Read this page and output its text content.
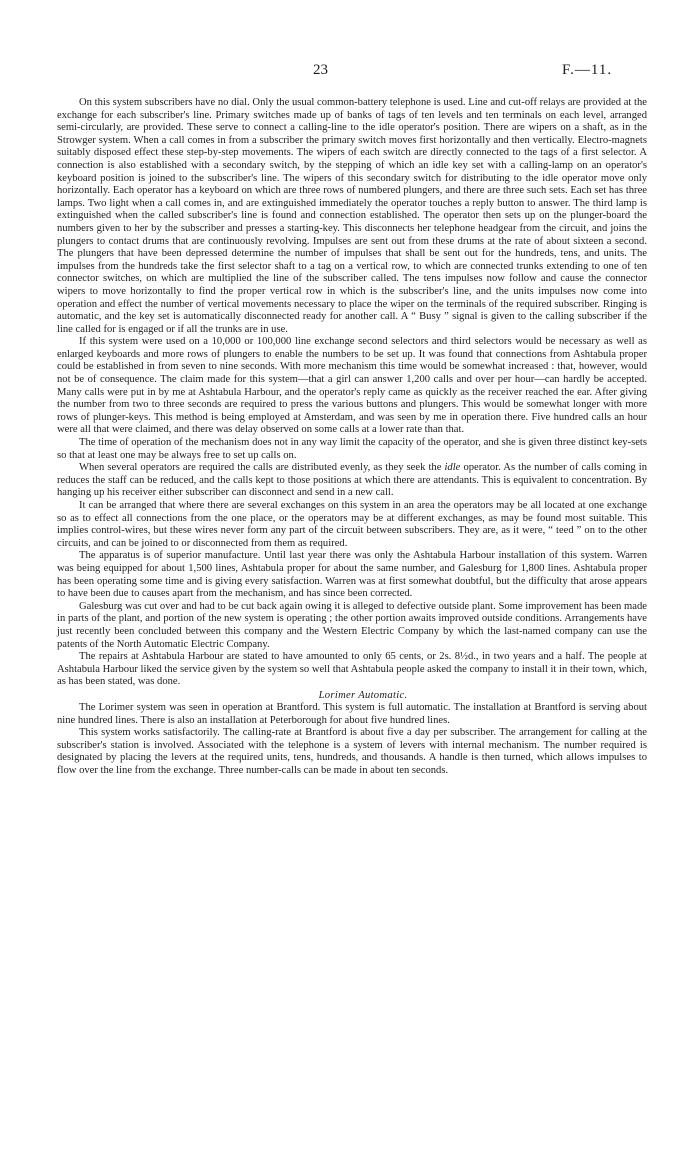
23	F.—11.

On this system subscribers have no dial. Only the usual common-battery telephone is used. Line and cut-off relays are provided at the exchange for each subscriber's line. Primary switches made up of banks of tags of ten levels and ten terminals on each level, arranged semi-circularly, are provided. These serve to connect a calling-line to the idle operator's position. There are wipers on a shaft, as in the Strowger system. When a call comes in from a subscriber the primary switch moves first horizontally and then vertically. Electro-magnets suitably disposed effect these step-by-step movements. The wipers of each switch are directly connected to the tags of a first selector. A connection is also established with a secondary switch, by the stepping of which an idle key set with a calling-lamp on an operator's keyboard position is joined to the subscriber's line. The wipers of this secondary switch for distributing to the idle operator move only horizontally. Each operator has a keyboard on which are three rows of numbered plungers, and there are three such sets. Each set has three lamps. Two light when a call comes in, and are extinguished immediately the operator touches a reply button to answer. The third lamp is extinguished when the called subscriber's line is found and connection established. The operator then sets up on the plunger-board the numbers given to her by the subscriber and presses a starting-key. This disconnects her telephone headgear from the circuit, and joins the plungers to contact drums that are continuously revolving. Impulses are sent out from these drums at the rate of about sixteen a second. The plungers that have been depressed determine the number of impulses that shall be sent out for the hundreds, tens, and units. The impulses from the hundreds take the first selector shaft to a tag on a vertical row, to which are connected trunks extending to one of ten connector switches, on which are multiplied the line of the subscriber called. The tens impulses now follow and cause the connector wipers to move horizontally to find the proper vertical row in which is the subscriber's line, and the units impulses now come into operation and effect the number of vertical movements necessary to place the wiper on the terminals of the required subscriber. Ringing is automatic, and the key set is automatically disconnected ready for another call. A “ Busy ” signal is given to the calling subscriber if the line called for is engaged or if all the trunks are in use.

If this system were used on a 10,000 or 100,000 line exchange second selectors and third selectors would be necessary as well as enlarged keyboards and more rows of plungers to enable the numbers to be set up. It was found that connections from Ashtabula proper could be established in from seven to nine seconds. With more mechanism this time would be somewhat increased : that, however, would not be of consequence. The claim made for this system—that a girl can answer 1,200 calls and over per hour—can hardly be accepted. Many calls were put in by me at Ashtabula Harbour, and the operator's reply came as quickly as the receiver reached the ear. After giving the number from two to three seconds are required to press the various buttons and plungers. This would be somewhat longer with more rows of plunger-keys. This method is being employed at Amsterdam, and was seen by me in operation there. Five hundred calls an hour were all that were claimed, and there was delay observed on some calls at a lower rate than that.

The time of operation of the mechanism does not in any way limit the capacity of the operator, and she is given three distinct key-sets so that at least one may be always free to set up calls on.

When several operators are required the calls are distributed evenly, as they seek the idle operator. As the number of calls coming in reduces the staff can be reduced, and the calls kept to those positions at which there are attendants. This is equivalent to concentration. By hanging up his receiver either subscriber can disconnect and send in a new call.

It can be arranged that where there are several exchanges on this system in an area the operators may be all located at one exchange so as to effect all connections from the one place, or the operators may be at different exchanges, as may be found most suitable. This implies control-wires, but these wires never form any part of the circuit between subscribers. They are, as it were, “ teed ” on to the other circuits, and can be joined to or disconnected from them as required.

The apparatus is of superior manufacture. Until last year there was only the Ashtabula Harbour installation of this system. Warren was being equipped for about 1,500 lines, Ashtabula proper for about the same number, and Galesburg for 1,800 lines. Ashtabula proper has been operating some time and is giving every satisfaction. Warren was at first somewhat doubtful, but the difficulty that arose appears to have been due to causes apart from the mechanism, and has since been corrected.

Galesburg was cut over and had to be cut back again owing it is alleged to defective outside plant. Some improvement has been made in parts of the plant, and portion of the new system is operating ; the other portion awaits improved outside conditions. Arrangements have just recently been concluded between this company and the Western Electric Company by which the last-named company can use the patents of the North Automatic Electric Company.

The repairs at Ashtabula Harbour are stated to have amounted to only 65 cents, or 2s. 8½d., in two years and a half. The people at Ashtabula Harbour liked the service given by the system so well that Ashtabula people asked the company to install it in their town, which, as has been stated, was done.

Lorimer Automatic.

The Lorimer system was seen in operation at Brantford. This system is full automatic. The installation at Brantford is serving about nine hundred lines. There is also an installation at Peterborough for about five hundred lines.

This system works satisfactorily. The calling-rate at Brantford is about five a day per subscriber. The arrangement for calling at the subscriber's station is involved. Associated with the telephone is a system of levers with internal mechanism. The number required is designated by placing the levers at the required units, tens, hundreds, and thousands. A handle is then turned, which allows impulses to flow over the line from the exchange. Three number-calls can be made in about ten seconds.
